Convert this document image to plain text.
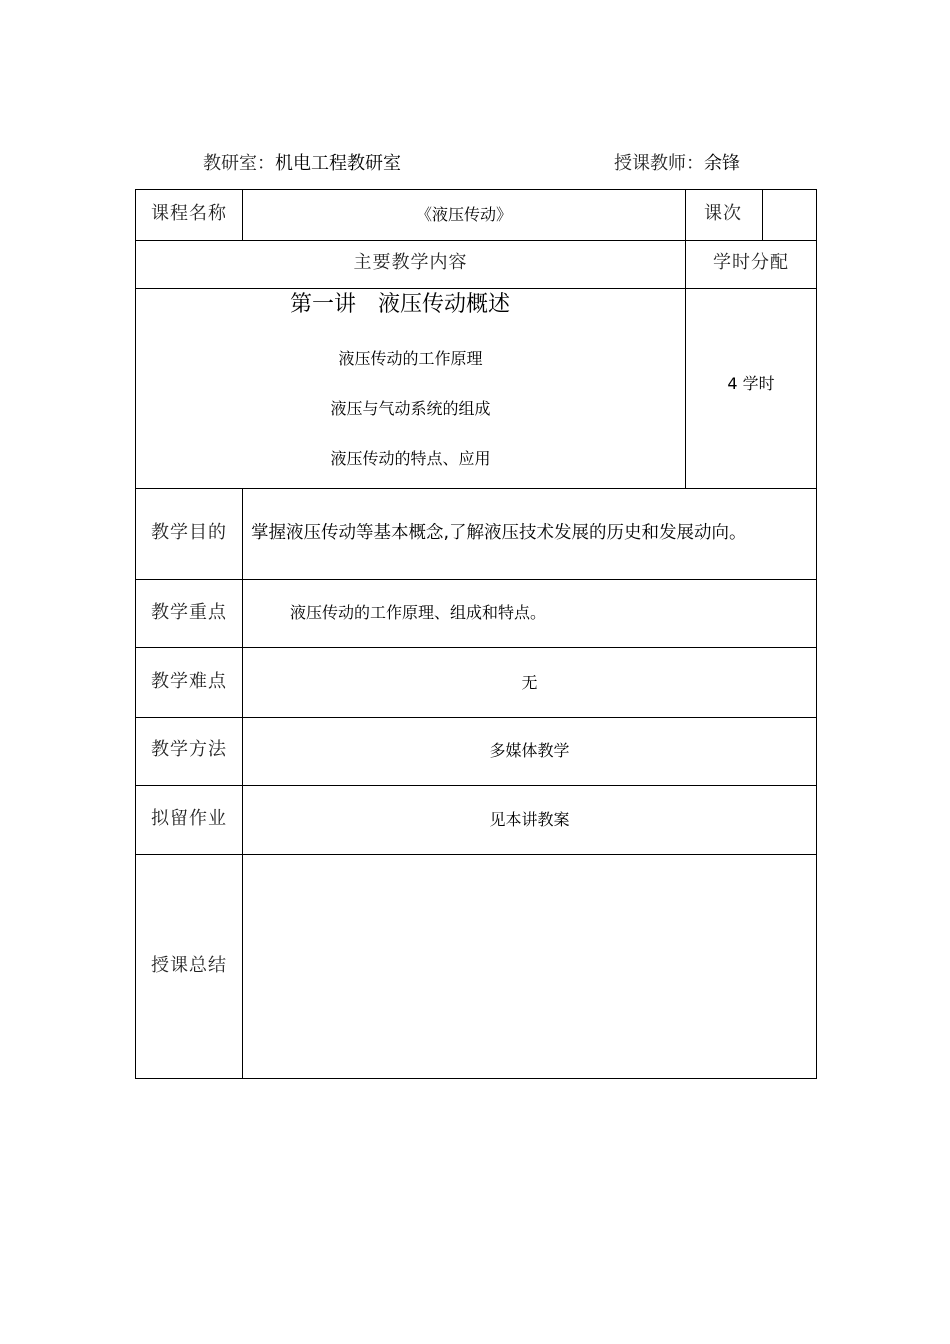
教研室：机电工程教研室	授课教师：余锋
课程名称	《液压传动》	课次
主要教学内容	学时分配
第一讲　液压传动概述
液压传动的工作原理
液压与气动系统的组成
液压传动的特点、应用
4 学时
教学目的 掌握液压传动等基本概念,了解液压技术发展的历史和发展动向。
教学重点	液压传动的工作原理、组成和特点。
教学难点	无
教学方法	多媒体教学
拟留作业	见本讲教案
授课总结
